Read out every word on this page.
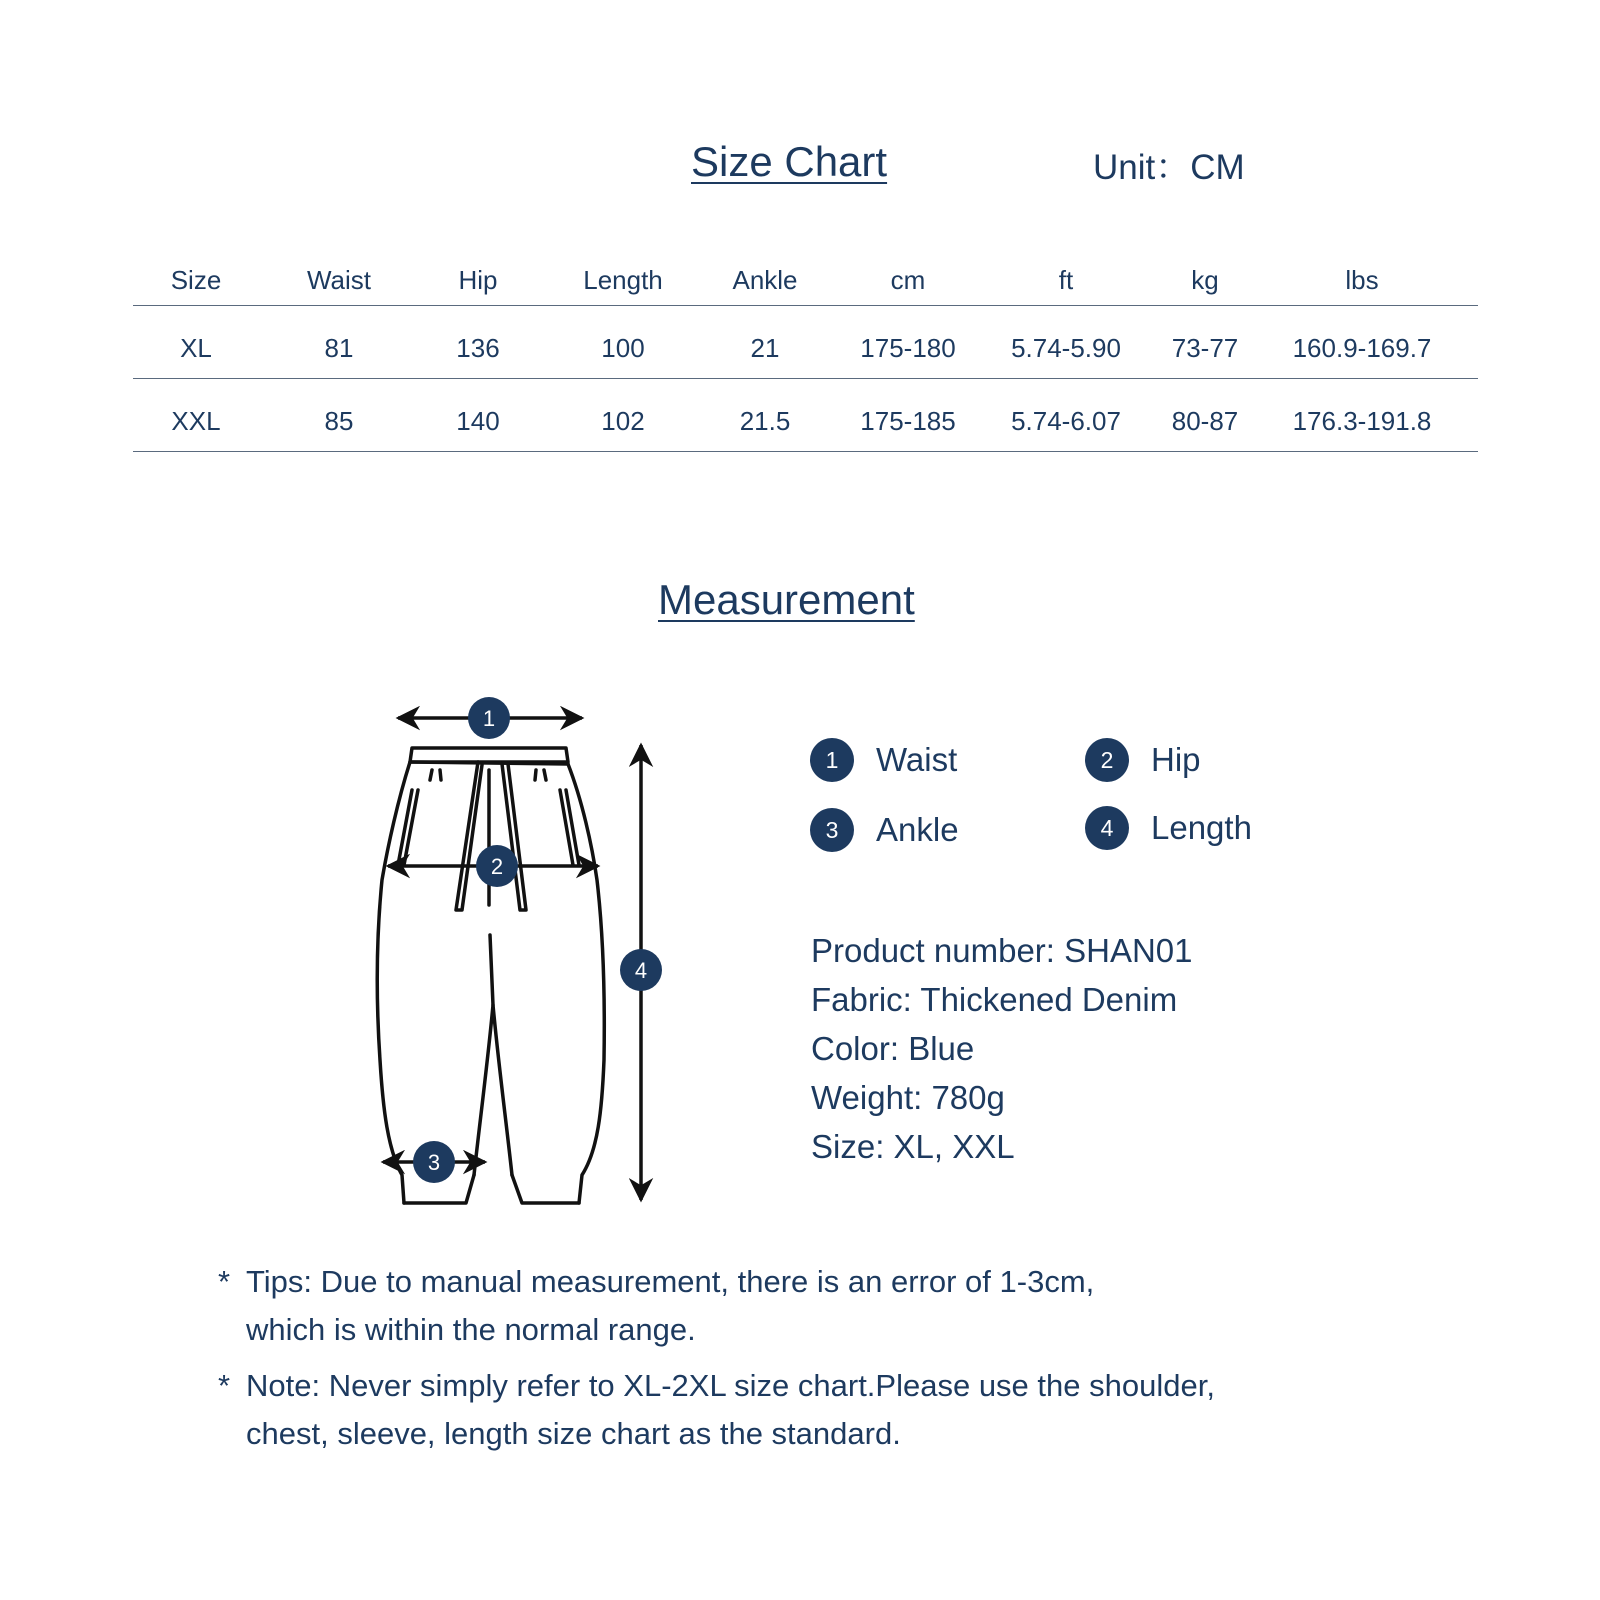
Size Chart	Unit：CM
Size	Waist	Hip	Length	Ankle	cm	ft	kg	lbs
XL	81	136	100	21	175-180 5.74-5.90 73-77 160.9-169.7
XXL	85	140	102	21.5	175-185 5.74-6.07 80-87 176.3-191.8
Measurement
1
2
3
4
1	Waist	2	Hip
3	Ankle	4	Length
Product number: SHAN01
Fabric: Thickened Denim
Color: Blue
Weight: 780g
Size: XL, XXL
* Tips: Due to manual measurement, there is an error of 1-3cm,
which is within the normal range.
* Note: Never simply refer to XL-2XL size chart.Please use the shoulder,
chest, sleeve, length size chart as the standard.
